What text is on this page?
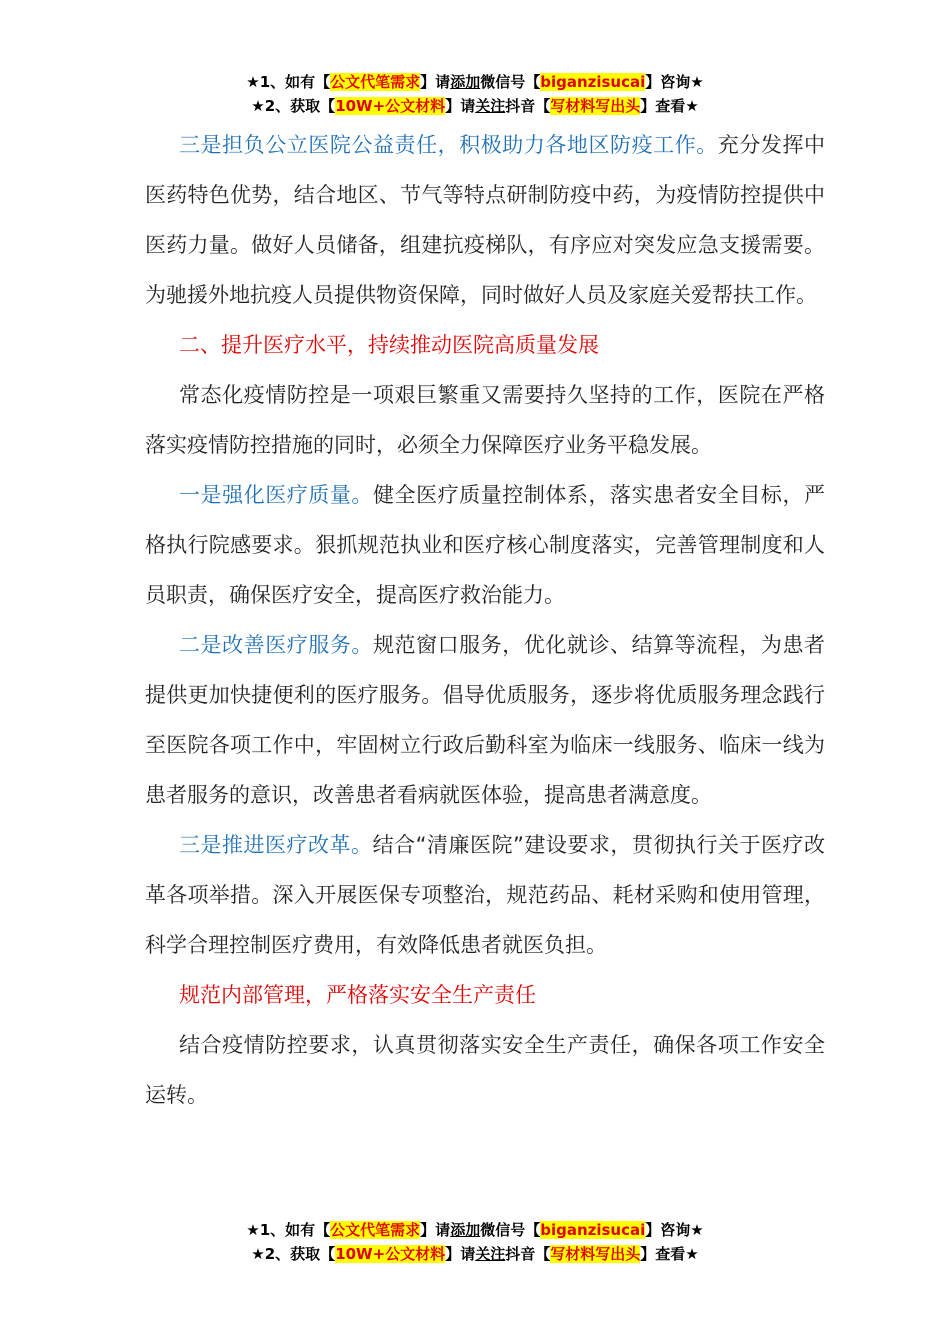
★1、如有【公文代笔需求】请添加微信号【biganzisucai】咨询★
★2、获取【10W+公文材料】请关注抖音【写材料写出头】查看★

三是担负公立医院公益责任，积极助力各地区防疫工作。充分发挥中医药特色优势，结合地区、节气等特点研制防疫中药，为疫情防控提供中医药力量。做好人员储备，组建抗疫梯队，有序应对突发应急支援需要。为驰援外地抗疫人员提供物资保障，同时做好人员及家庭关爱帮扶工作。

二、提升医疗水平，持续推动医院高质量发展

常态化疫情防控是一项艰巨繁重又需要持久坚持的工作，医院在严格落实疫情防控措施的同时，必须全力保障医疗业务平稳发展。

一是强化医疗质量。健全医疗质量控制体系，落实患者安全目标，严格执行院感要求。狠抓规范执业和医疗核心制度落实，完善管理制度和人员职责，确保医疗安全，提高医疗救治能力。

二是改善医疗服务。规范窗口服务，优化就诊、结算等流程，为患者提供更加快捷便利的医疗服务。倡导优质服务，逐步将优质服务理念践行至医院各项工作中，牢固树立行政后勤科室为临床一线服务、临床一线为患者服务的意识，改善患者看病就医体验，提高患者满意度。

三是推进医疗改革。结合“清廉医院”建设要求，贯彻执行关于医疗改革各项举措。深入开展医保专项整治，规范药品、耗材采购和使用管理，科学合理控制医疗费用，有效降低患者就医负担。

规范内部管理，严格落实安全生产责任

结合疫情防控要求，认真贯彻落实安全生产责任，确保各项工作安全运转。

★1、如有【公文代笔需求】请添加微信号【biganzisucai】咨询★
★2、获取【10W+公文材料】请关注抖音【写材料写出头】查看★
